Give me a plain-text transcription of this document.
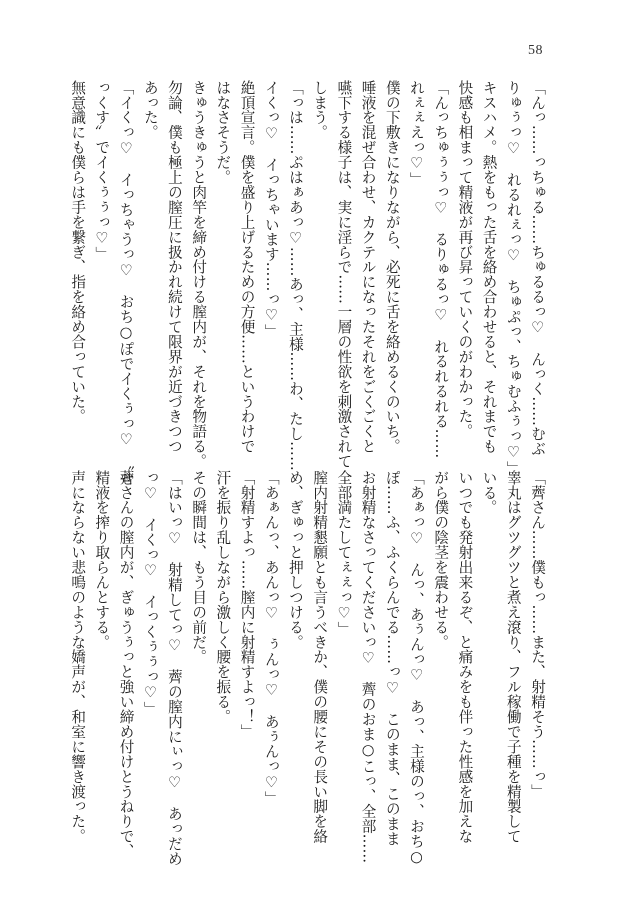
58
「んっ……っちゅる……ちゅるるっ♡　んっく……むぶ
りゅぅっ♡　れるれぇっ♡　ちゅぷっ、ちゅむふぅっ♡」
キスハメ。熱をもった舌を絡め合わせると、それまでも
快感も相まって精液が再び昇っていくのがわかった。
「んっちゅぅぅっ♡　るりゅるっ♡　れるれるれる……
れぇぇえっ♡」
僕の下敷きになりながら、必死に舌を絡めるくのいち。
唾液を混ぜ合わせ、カクテルになったそれをごくごくと
嚥下する様子は、実に淫らで……一層の性欲を刺激されて
しまう。
「っは……ぷはぁあっ♡……あっ、主様……わ、たし……
イくっ♡　イっちゃいます……っ♡」
絶頂宣言。僕を盛り上げるための方便……というわけで
はなさそうだ。
きゅうきゅうと肉竿を締め付ける膣内が、それを物語る。
勿論、僕も極上の膣圧に扱かれ続けて限界が近づきつつ
あった。
「イくっ♡　イっちゃうっ♡　おち○ぽでイくぅっ♡　〝せ
っくす〟でイくぅぅっ♡」
無意識にも僕らは手を繋ぎ、指を絡め合っていた。
「薺さん……僕もっ……また、射精そう……っ」
睾丸はグツグツと煮え滾り、フル稼働で子種を精製して
いる。
いつでも発射出来るぞ、と痛みをも伴った性感を加えな
がら僕の陰茎を震わせる。
「あぁっ♡　んっ、あぅんっ♡　あっ、主様のっ、おち○
ぽ……ふ、ふくらんでる……っ♡　このまま、このまま
お射精なさってくださいっ♡　薺のおま○こっ、全部……
全部満たしてぇぇっ♡」
膣内射精懇願とも言うべきか、僕の腰にその長い脚を絡
め、ぎゅっと押しつける。
「あぁんっ、あんっ♡　ぅんっ♡　あぅんっ♡」
「射精すよっ……膣内に射精すよっ！」
汗を振り乱しながら激しく腰を振る。
その瞬間は、もう目の前だ。
「はいっ♡　射精してっ♡　薺の膣内にぃっ♡　あっだめ
っ♡　イくっ♡　イっくぅぅっ♡」
薺さんの膣内が、ぎゅうぅっと強い締め付けとうねりで、
精液を搾り取らんとする。
声にならない悲鳴のような嬌声が、和室に響き渡った。
